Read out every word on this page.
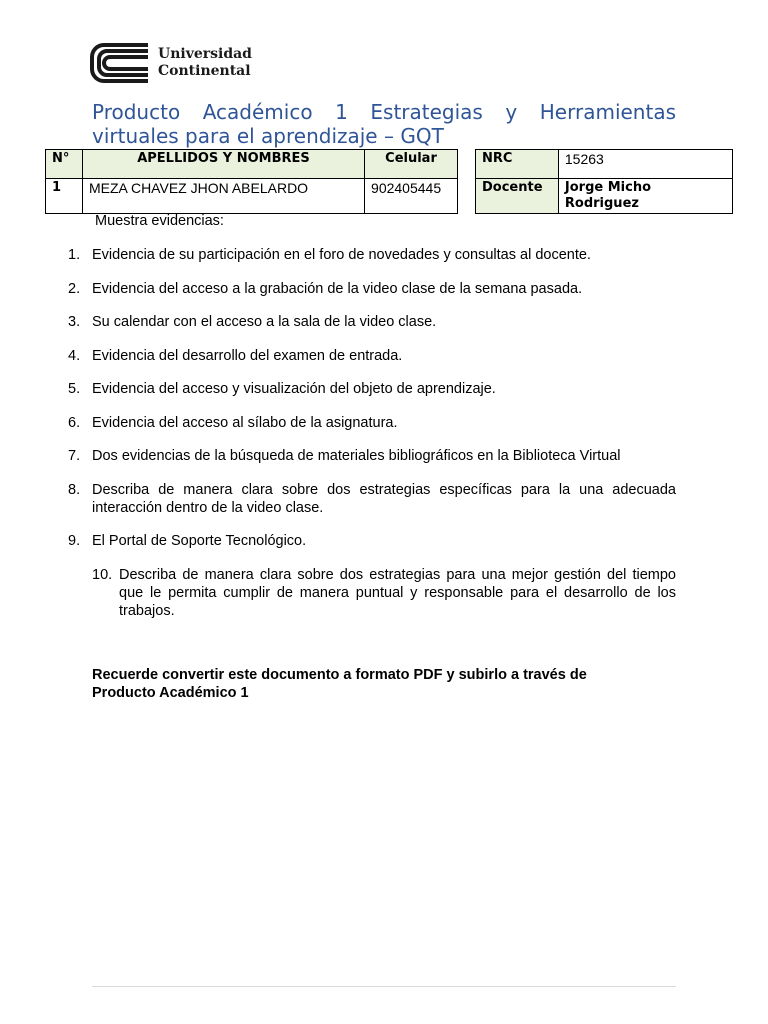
Universidad
Continental
Producto Académico 1 Estrategias y Herramientas virtuales para el aprendizaje – GQT
N°	APELLIDOS Y NOMBRES	Celular
1	MEZA CHAVEZ JHON ABELARDO	902405445
NRC	15263
Docente	Jorge Micho Rodriguez
Muestra evidencias:
1. Evidencia de su participación en el foro de novedades y consultas al docente.
2. Evidencia del acceso a la grabación de la video clase de la semana pasada.
3. Su calendar con el acceso a la sala de la video clase.
4. Evidencia del desarrollo del examen de entrada.
5. Evidencia del acceso y visualización del objeto de aprendizaje.
6. Evidencia del acceso al sílabo de la asignatura.
7. Dos evidencias de la búsqueda de materiales bibliográficos en la Biblioteca Virtual
8. Describa de manera clara sobre dos estrategias específicas para la una adecuada interacción dentro de la video clase.
9. El Portal de Soporte Tecnológico.
10. Describa de manera clara sobre dos estrategias para una mejor gestión del tiempo que le permita cumplir de manera puntual y responsable para el desarrollo de los trabajos.
Recuerde convertir este documento a formato PDF y subirlo a través de Producto Académico 1
